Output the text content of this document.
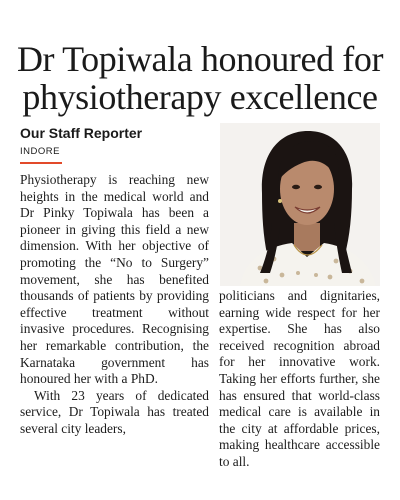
Dr Topiwala honoured for
physiotherapy excellence
Our Staff Reporter
INDORE

Physiotherapy is reaching new heights in the medical world and Dr Pinky Topiwala has been a pioneer in giving this field a new dimension. With her objective of promoting the “No to Surgery” movement, she has benefited thousands of patients by providing effective treatment without invasive procedures. Recognising her remarkable contribution, the Karnataka government has honoured her with a PhD.

With 23 years of dedicated service, Dr Topiwala has treated several city leaders,

politicians and dignitaries, earning wide respect for her expertise. She has also received recognition abroad for her innovative work. Taking her efforts further, she has ensured that world-class medical care is available in the city at affordable prices, making healthcare accessible to all.
